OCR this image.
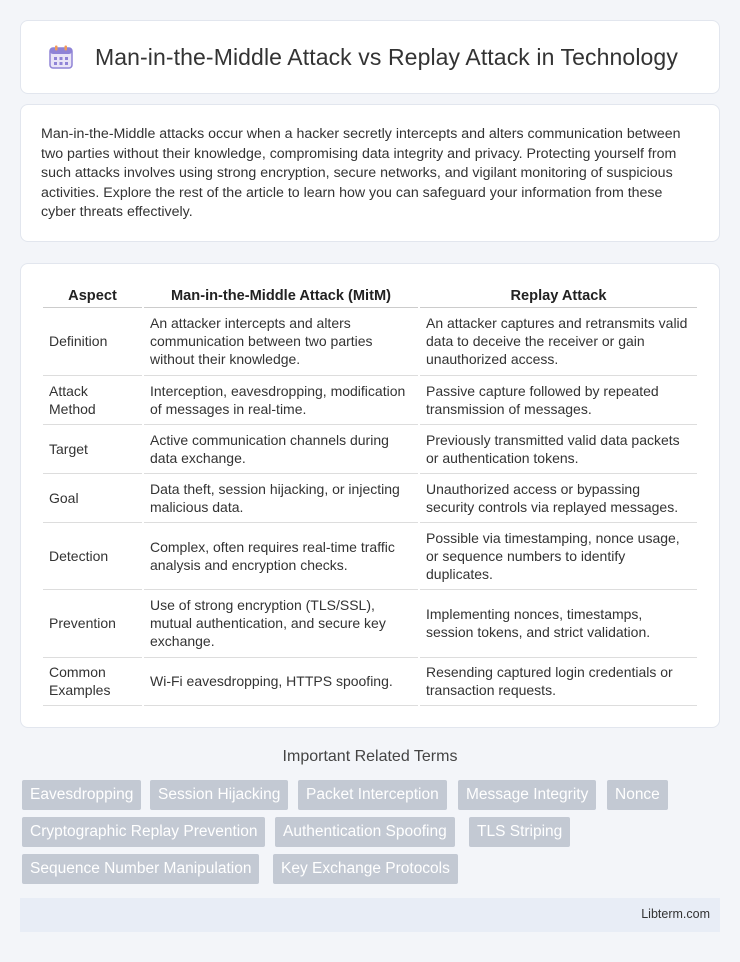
Man-in-the-Middle Attack vs Replay Attack in Technology

Man-in-the-Middle attacks occur when a hacker secretly intercepts and alters communication between two parties without their knowledge, compromising data integrity and privacy. Protecting yourself from such attacks involves using strong encryption, secure networks, and vigilant monitoring of suspicious activities. Explore the rest of the article to learn how you can safeguard your information from these cyber threats effectively.

Aspect	Man-in-the-Middle Attack (MitM)	Replay Attack
Definition	An attacker intercepts and alters communication between two parties without their knowledge.	An attacker captures and retransmits valid data to deceive the receiver or gain unauthorized access.
Attack Method	Interception, eavesdropping, modification of messages in real-time.	Passive capture followed by repeated transmission of messages.
Target	Active communication channels during data exchange.	Previously transmitted valid data packets or authentication tokens.
Goal	Data theft, session hijacking, or injecting malicious data.	Unauthorized access or bypassing security controls via replayed messages.
Detection	Complex, often requires real-time traffic analysis and encryption checks.	Possible via timestamping, nonce usage, or sequence numbers to identify duplicates.
Prevention	Use of strong encryption (TLS/SSL), mutual authentication, and secure key exchange.	Implementing nonces, timestamps, session tokens, and strict validation.
Common Examples	Wi-Fi eavesdropping, HTTPS spoofing.	Resending captured login credentials or transaction requests.
Important Related Terms
Eavesdropping	Session Hijacking	Packet Interception	Message Integrity	Nonce
Cryptographic Replay Prevention	Authentication Spoofing	TLS Striping
Sequence Number Manipulation	Key Exchange Protocols
Libterm.com
